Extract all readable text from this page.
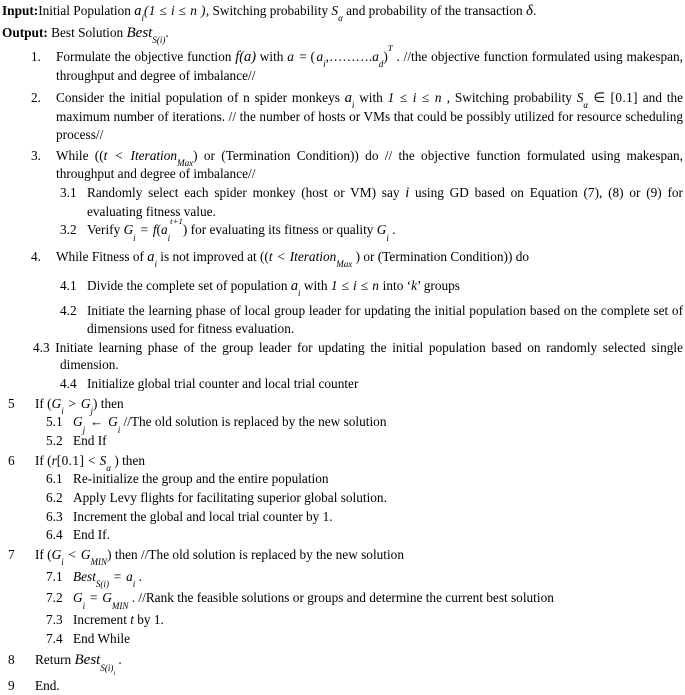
Input:Initial Population $a_i(1 \le i \le n$ ), Switching probability $S_\alpha$ and probability of the transaction δ.
Output: Best Solution Best$_{S(i)}$.
1.	Formulate the objective function f(a) with a = ( $a_i,\dots\dots\dots.a_d)^T$ . //the objective function formulated using makespan, throughput and degree of imbalance//
2.	Consider the initial population of n spider monkeys $a_i$ with 1 ≤ i ≤ n , Switching probability $S_\alpha$ ∈ [0.1] and the maximum number of iterations. // the number of hosts or VMs that could be possibly utilized for resource scheduling process//
3.	While ((t < Iteration$_{Max}$) or (Termination Condition)) do // the objective function formulated using makespan, throughput and degree of imbalance//
3.1 Randomly select each spider monkey (host or VM) say i using GD based on Equation (7), (8) or (9) for evaluating fitness value.
3.2 Verify $G_i = f(a_i^{t+1})$ for evaluating its fitness or quality $G_i$ .
4.	While Fitness of $a_i$ is not improved at ((t < Iteration$_{Max}$ ) or (Termination Condition)) do
4.1 Divide the complete set of population $a_i$ with 1 ≤ i ≤ n into ‘k’ groups
4.2 Initiate the learning phase of local group leader for updating the initial population based on the complete set of dimensions used for fitness evaluation.
4.3 Initiate learning phase of the group leader for updating the initial population based on randomly selected single dimension.
4.4 Initialize global trial counter and local trial counter
5	If $(G_i > G_j)$ then
5.1 $G_j$ ← $G_i$ //The old solution is replaced by the new solution
5.2 End If
6	If ($r[0.1] < S_\alpha$ ) then
6.1 Re-initialize the group and the entire population
6.2 Apply Levy flights for facilitating superior global solution.
6.3 Increment the global and local trial counter by 1.
6.4 End If.
7	If $(G_i < G_{MIN})$ then //The old solution is replaced by the new solution
7.1 Best$_{S(i)}$ = $a_i$ .
7.2 $G_i = G_{MIN}$ . //Rank the feasible solutions or groups and determine the current best solution
7.3 Increment t by 1.
7.4 End While
8	Return Best$_{S(i)_i}$ .
9	End.
